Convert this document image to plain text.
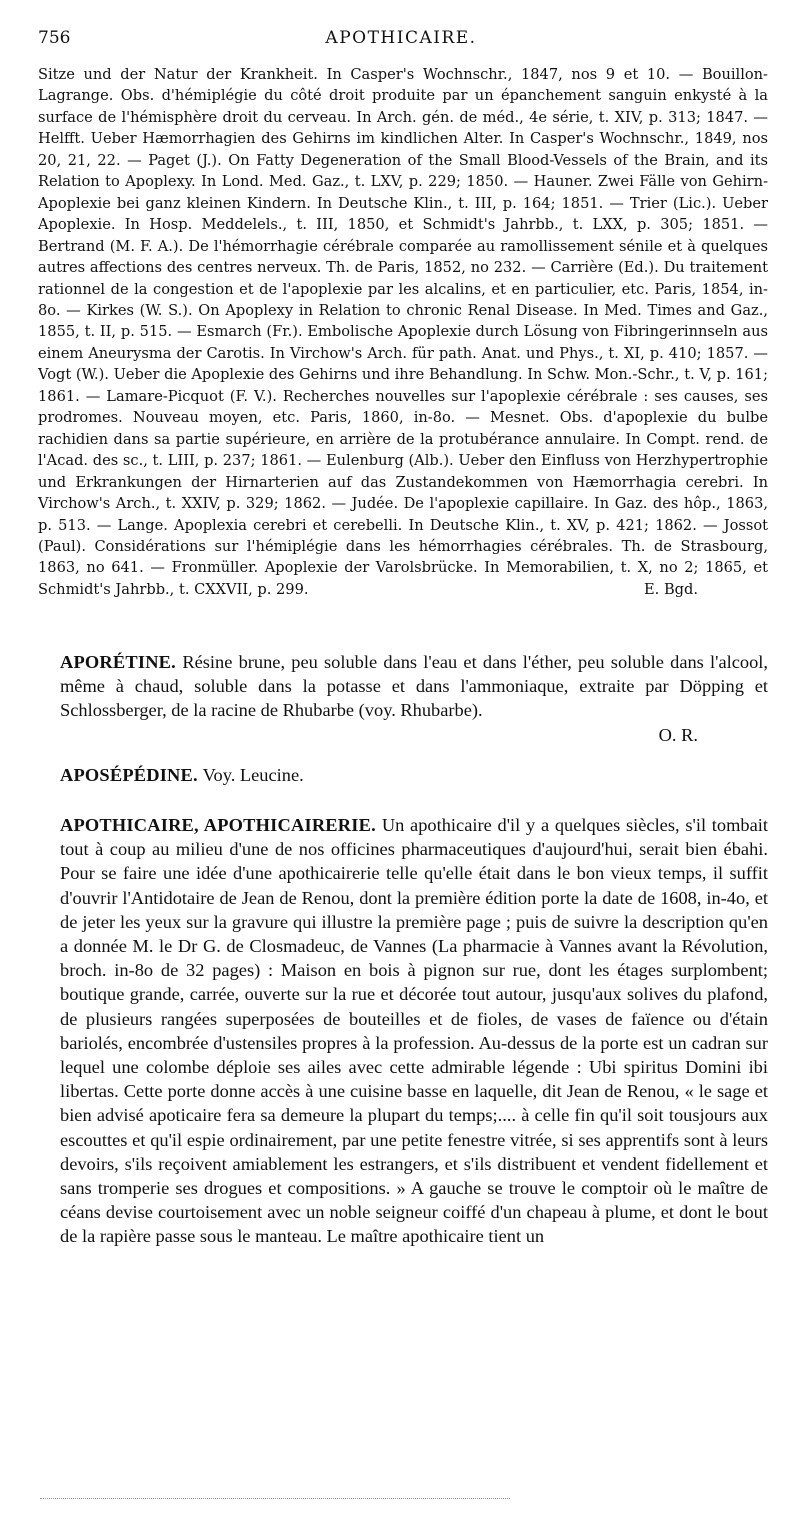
756	APOTHICAIRE.
Sitze und der Natur der Krankheit. In Casper's Wochnschr., 1847, nos 9 et 10. — Bouillon-Lagrange. Obs. d'hémiplégie du côté droit produite par un épanchement sanguin enkysté à la surface de l'hémisphère droit du cerveau. In Arch. gén. de méd., 4e série, t. XIV, p. 313; 1847. — Helfft. Ueber Hæmorrhagien des Gehirns im kindlichen Alter. In Casper's Wochnschr., 1849, nos 20, 21, 22. — Paget (J.). On Fatty Degeneration of the Small Blood-Vessels of the Brain, and its Relation to Apoplexy. In Lond. Med. Gaz., t. LXV, p. 229; 1850. — Hauner. Zwei Fälle von Gehirn-Apoplexie bei ganz kleinen Kindern. In Deutsche Klin., t. III, p. 164; 1851. — Trier (Lic.). Ueber Apoplexie. In Hosp. Meddelels., t. III, 1850, et Schmidt's Jahrbb., t. LXX, p. 305; 1851. — Bertrand (M. F. A.). De l'hémorrhagie cérébrale comparée au ramollissement sénile et à quelques autres affections des centres nerveux. Th. de Paris, 1852, no 232. — Carrière (Ed.). Du traitement rationnel de la congestion et de l'apoplexie par les alcalins, et en particulier, etc. Paris, 1854, in-8o. — Kirkes (W. S.). On Apoplexy in Relation to chronic Renal Disease. In Med. Times and Gaz., 1855, t. II, p. 515. — Esmarch (Fr.). Embolische Apoplexie durch Lösung von Fibringerinnseln aus einem Aneurysma der Carotis. In Virchow's Arch. für path. Anat. und Phys., t. XI, p. 410; 1857. — Vogt (W.). Ueber die Apoplexie des Gehirns und ihre Behandlung. In Schw. Mon.-Schr., t. V, p. 161; 1861. — Lamare-Picquot (F. V.). Recherches nouvelles sur l'apoplexie cérébrale : ses causes, ses prodromes. Nouveau moyen, etc. Paris, 1860, in-8o. — Mesnet. Obs. d'apoplexie du bulbe rachidien dans sa partie supérieure, en arrière de la protubérance annulaire. In Compt. rend. de l'Acad. des sc., t. LIII, p. 237; 1861. — Eulenburg (Alb.). Ueber den Einfluss von Herzhypertrophie und Erkrankungen der Hirnarterien auf das Zustandekommen von Hæmorrhagia cerebri. In Virchow's Arch., t. XXIV, p. 329; 1862. — Judée. De l'apoplexie capillaire. In Gaz. des hôp., 1863, p. 513. — Lange. Apoplexia cerebri et cerebelli. In Deutsche Klin., t. XV, p. 421; 1862. — Jossot (Paul). Considérations sur l'hémiplégie dans les hémorrhagies cérébrales. Th. de Strasbourg, 1863, no 641. — Fronmüller. Apoplexie der Varolsbrücke. In Memorabilien, t. X, no 2; 1865, et Schmidt's Jahrbb., t. CXXVII, p. 299.	E. Bgd.
APORÉTINE. Résine brune, peu soluble dans l'eau et dans l'éther, peu soluble dans l'alcool, même à chaud, soluble dans la potasse et dans l'ammoniaque, extraite par Döpping et Schlossberger, de la racine de Rhubarbe (voy. Rhubarbe).
O. R.
APOSÉPÉDINE. Voy. Leucine.
APOTHICAIRE, APOTHICAIRERIE. Un apothicaire d'il y a quelques siècles, s'il tombait tout à coup au milieu d'une de nos officines pharmaceutiques d'aujourd'hui, serait bien ébahi. Pour se faire une idée d'une apothicairerie telle qu'elle était dans le bon vieux temps, il suffit d'ouvrir l'Antidotaire de Jean de Renou, dont la première édition porte la date de 1608, in-4o, et de jeter les yeux sur la gravure qui illustre la première page ; puis de suivre la description qu'en a donnée M. le Dr G. de Closmadeuc, de Vannes (La pharmacie à Vannes avant la Révolution, broch. in-8o de 32 pages) : Maison en bois à pignon sur rue, dont les étages surplombent; boutique grande, carrée, ouverte sur la rue et décorée tout autour, jusqu'aux solives du plafond, de plusieurs rangées superposées de bouteilles et de fioles, de vases de faïence ou d'étain bariolés, encombrée d'ustensiles propres à la profession. Au-dessus de la porte est un cadran sur lequel une colombe déploie ses ailes avec cette admirable légende : Ubi spiritus Domini ibi libertas. Cette porte donne accès à une cuisine basse en laquelle, dit Jean de Renou, « le sage et bien advisé apoticaire fera sa demeure la plupart du temps;.... à celle fin qu'il soit tousjours aux escouttes et qu'il espie ordinairement, par une petite fenestre vitrée, si ses apprentifs sont à leurs devoirs, s'ils reçoivent amiablement les estrangers, et s'ils distribuent et vendent fidellement et sans tromperie ses drogues et compositions. » A gauche se trouve le comptoir où le maître de céans devise courtoisement avec un noble seigneur coiffé d'un chapeau à plume, et dont le bout de la rapière passe sous le manteau. Le maître apothicaire tient un
